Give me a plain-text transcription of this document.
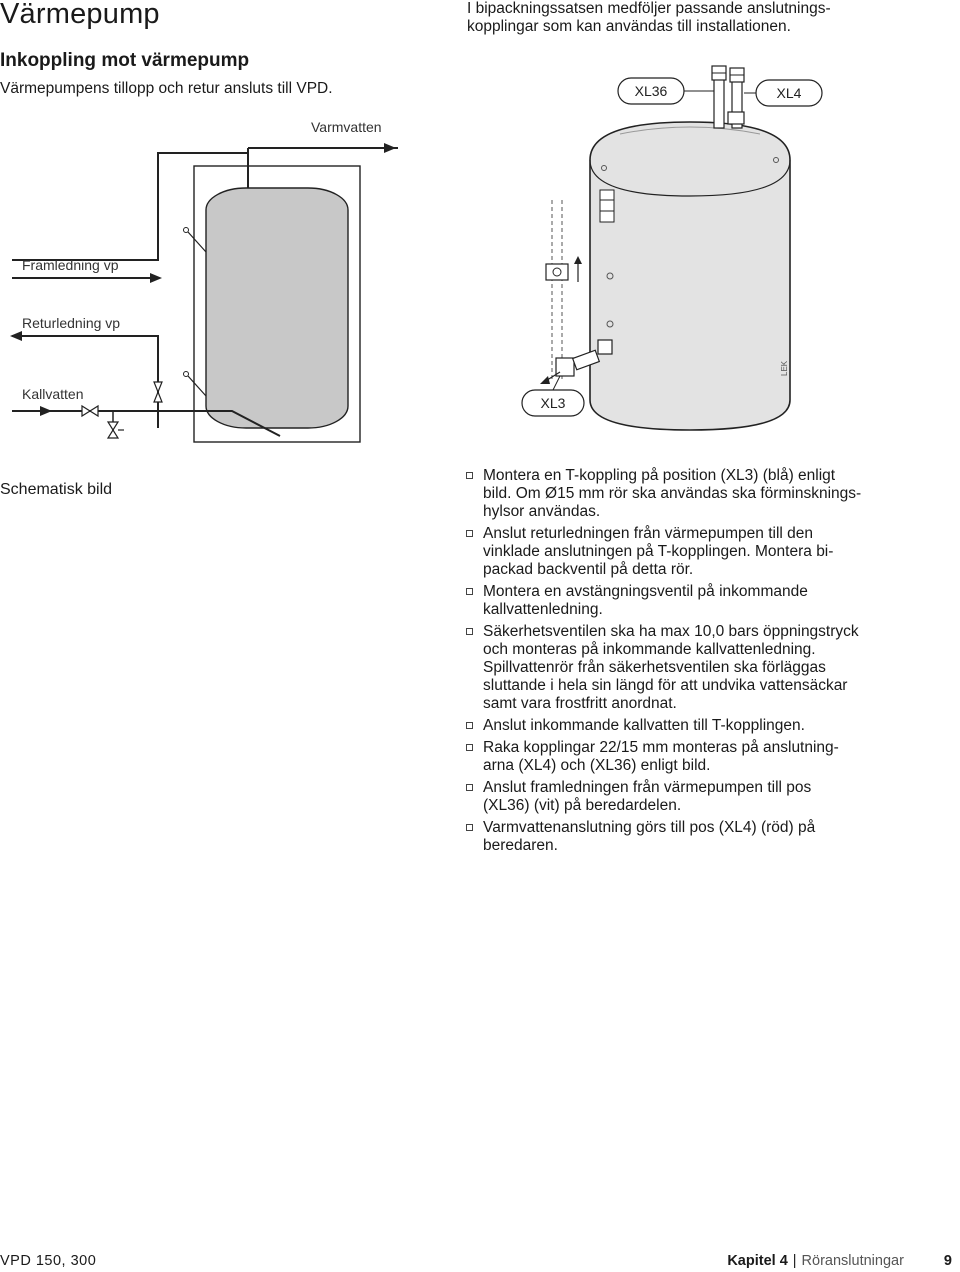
Värmepump
Inkoppling mot värmepump
Värmepumpens tillopp och retur ansluts till VPD.
I bipackningssatsen medföljer passande anslutnings-
kopplingar som kan användas till installationen.
Varmvatten
Framledning vp
Returledning vp
Kallvatten
Schematisk bild
XL36	XL4
LEK
XL3
Montera en T-koppling på position (XL3) (blå) enligt
bild. Om Ø15 mm rör ska användas ska förminsknings-
hylsor användas.
Anslut returledningen från värmepumpen till den
vinklade anslutningen på T-kopplingen. Montera bi-
packad backventil på detta rör.
Montera en avstängningsventil på inkommande
kallvattenledning.
Säkerhetsventilen ska ha max 10,0 bars öppningstryck
och monteras på inkommande kallvattenledning.
Spillvattenrör från säkerhetsventilen ska förläggas
sluttande i hela sin längd för att undvika vattensäckar
samt vara frostfritt anordnat.
Anslut inkommande kallvatten till T-kopplingen.
Raka kopplingar 22/15 mm monteras på anslutning-
arna (XL4) och (XL36) enligt bild.
Anslut framledningen från värmepumpen till pos
(XL36) (vit) på beredardelen.
Varmvattenanslutning görs till pos (XL4) (röd) på
beredaren.
VPD 150, 300	Kapitel 4 | Röranslutningar	9
